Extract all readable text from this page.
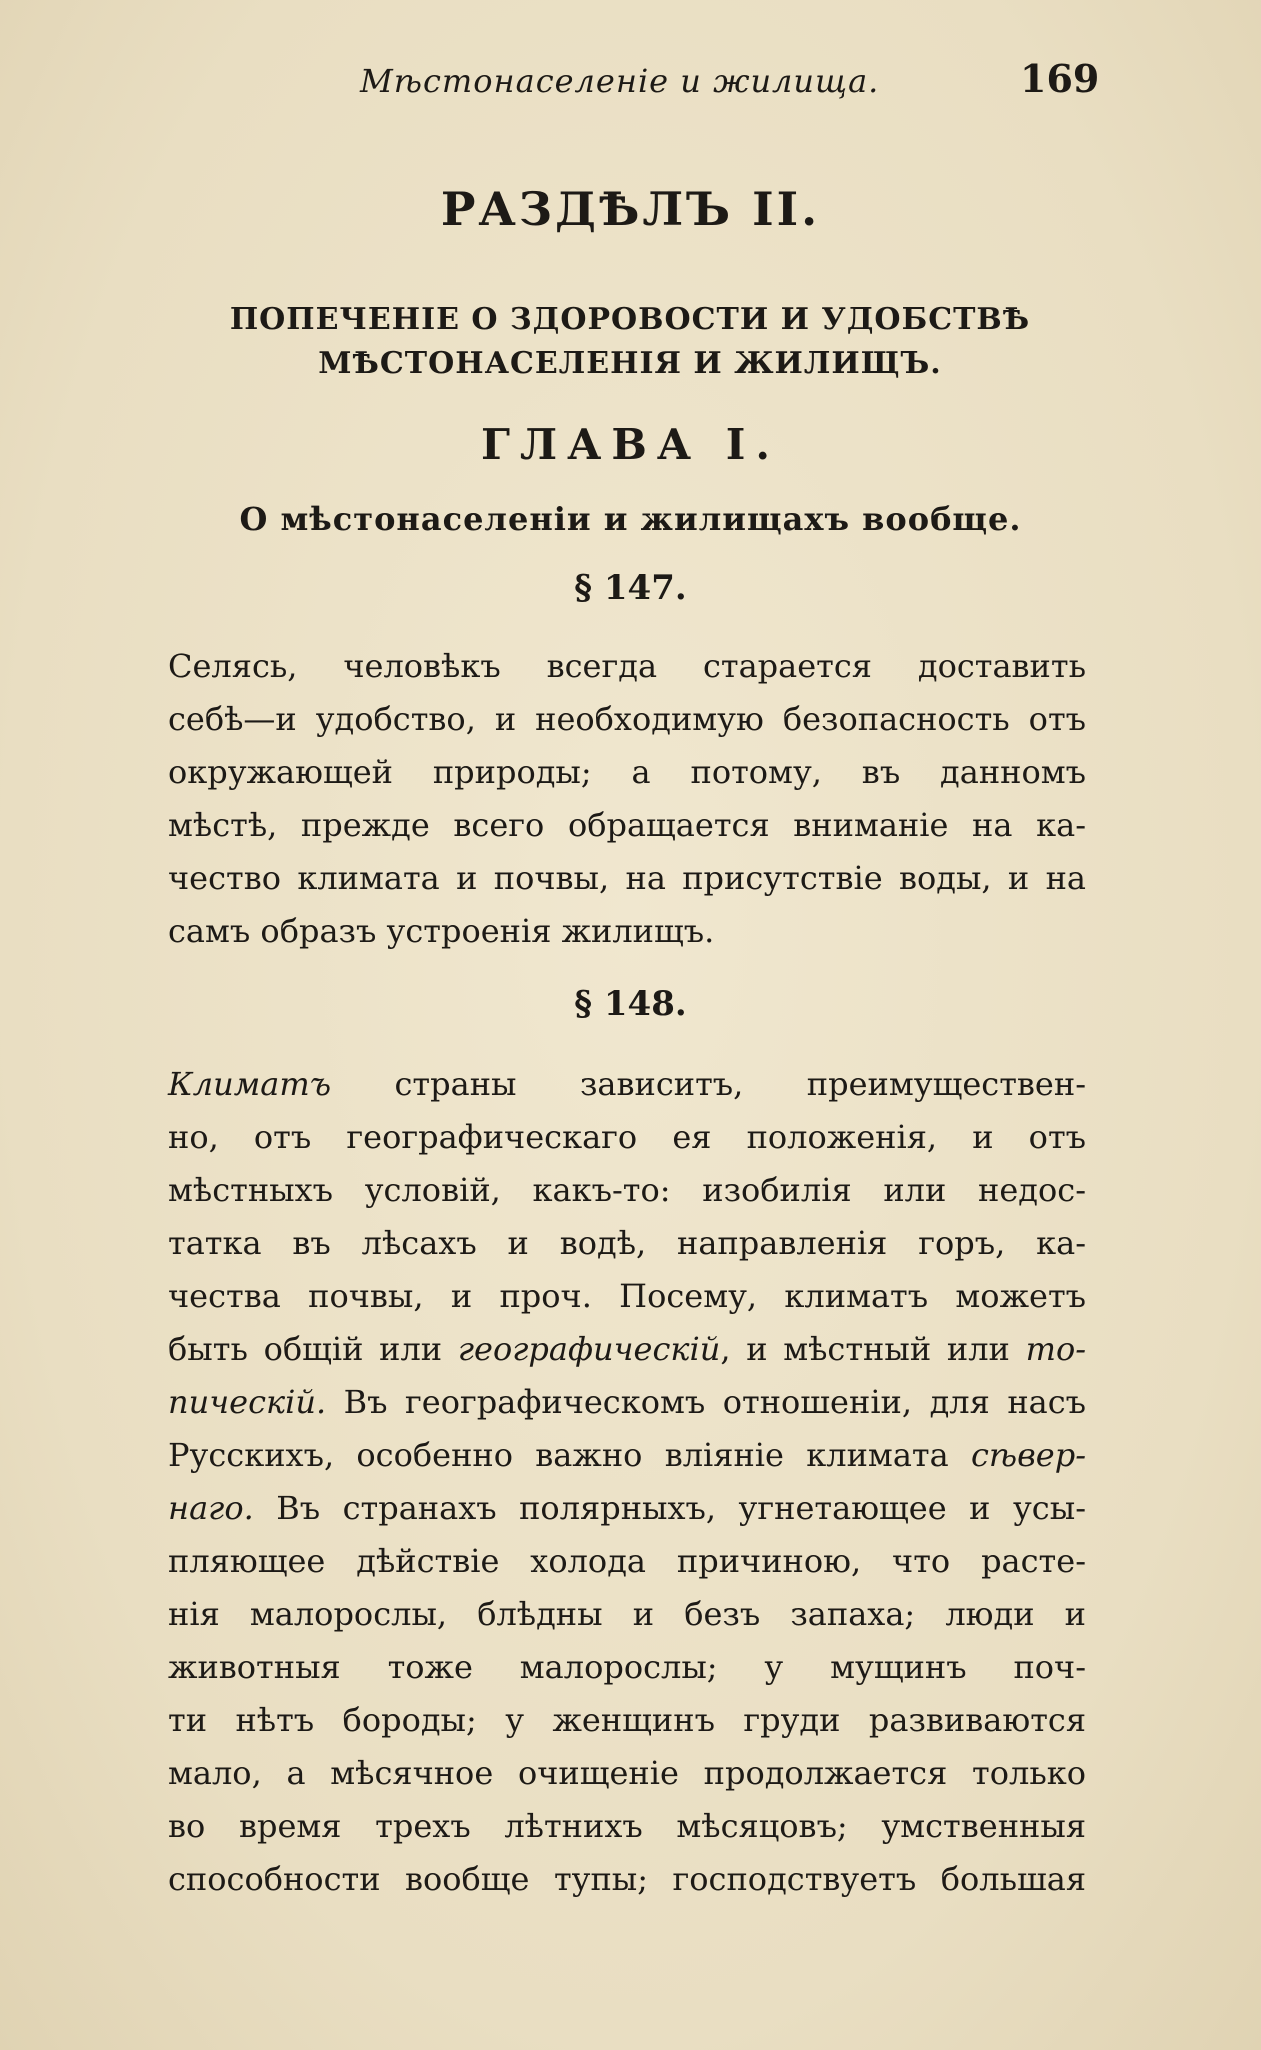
Мѣстонаселеніе и жилища.	169
РАЗДѢЛЪ II.
ПОПЕЧЕНІЕ О ЗДОРОВОСТИ И УДОБСТВѢ МѢСТОНАСЕЛЕНІЯ И ЖИЛИЩЪ.
ГЛАВА I.
О мѣстонаселеніи и жилищахъ вообще.
§ 147.
Селясь, человѣкъ всегда старается доставить
себѣ—и удобство, и необходимую безопасность отъ
окружающей природы; а потому, въ данномъ
мѣстѣ, прежде всего обращается вниманіе на ка-
чество климата и почвы, на присутствіе воды, и на
самъ образъ устроенія жилищъ.
§ 148.
Климатъ страны зависитъ, преимуществен-
но, отъ географическаго ея положенія, и отъ
мѣстныхъ условій, какъ-то: изобилія или недос-
татка въ лѣсахъ и водѣ, направленія горъ, ка-
чества почвы, и проч. Посему, климатъ можетъ
быть общій или географическій, и мѣстный или то-
пическій. Въ географическомъ отношеніи, для насъ
Русскихъ, особенно важно вліяніе климата сѣвер-
наго. Въ странахъ полярныхъ, угнетающее и усы-
пляющее дѣйствіе холода причиною, что расте-
нія малорослы, блѣдны и безъ запаха; люди и
животныя тоже малорослы; у мущинъ поч-
ти нѣтъ бороды; у женщинъ груди развиваются
мало, а мѣсячное очищеніе продолжается только
во время трехъ лѣтнихъ мѣсяцовъ; умственныя
способности вообще тупы; господствуетъ большая
